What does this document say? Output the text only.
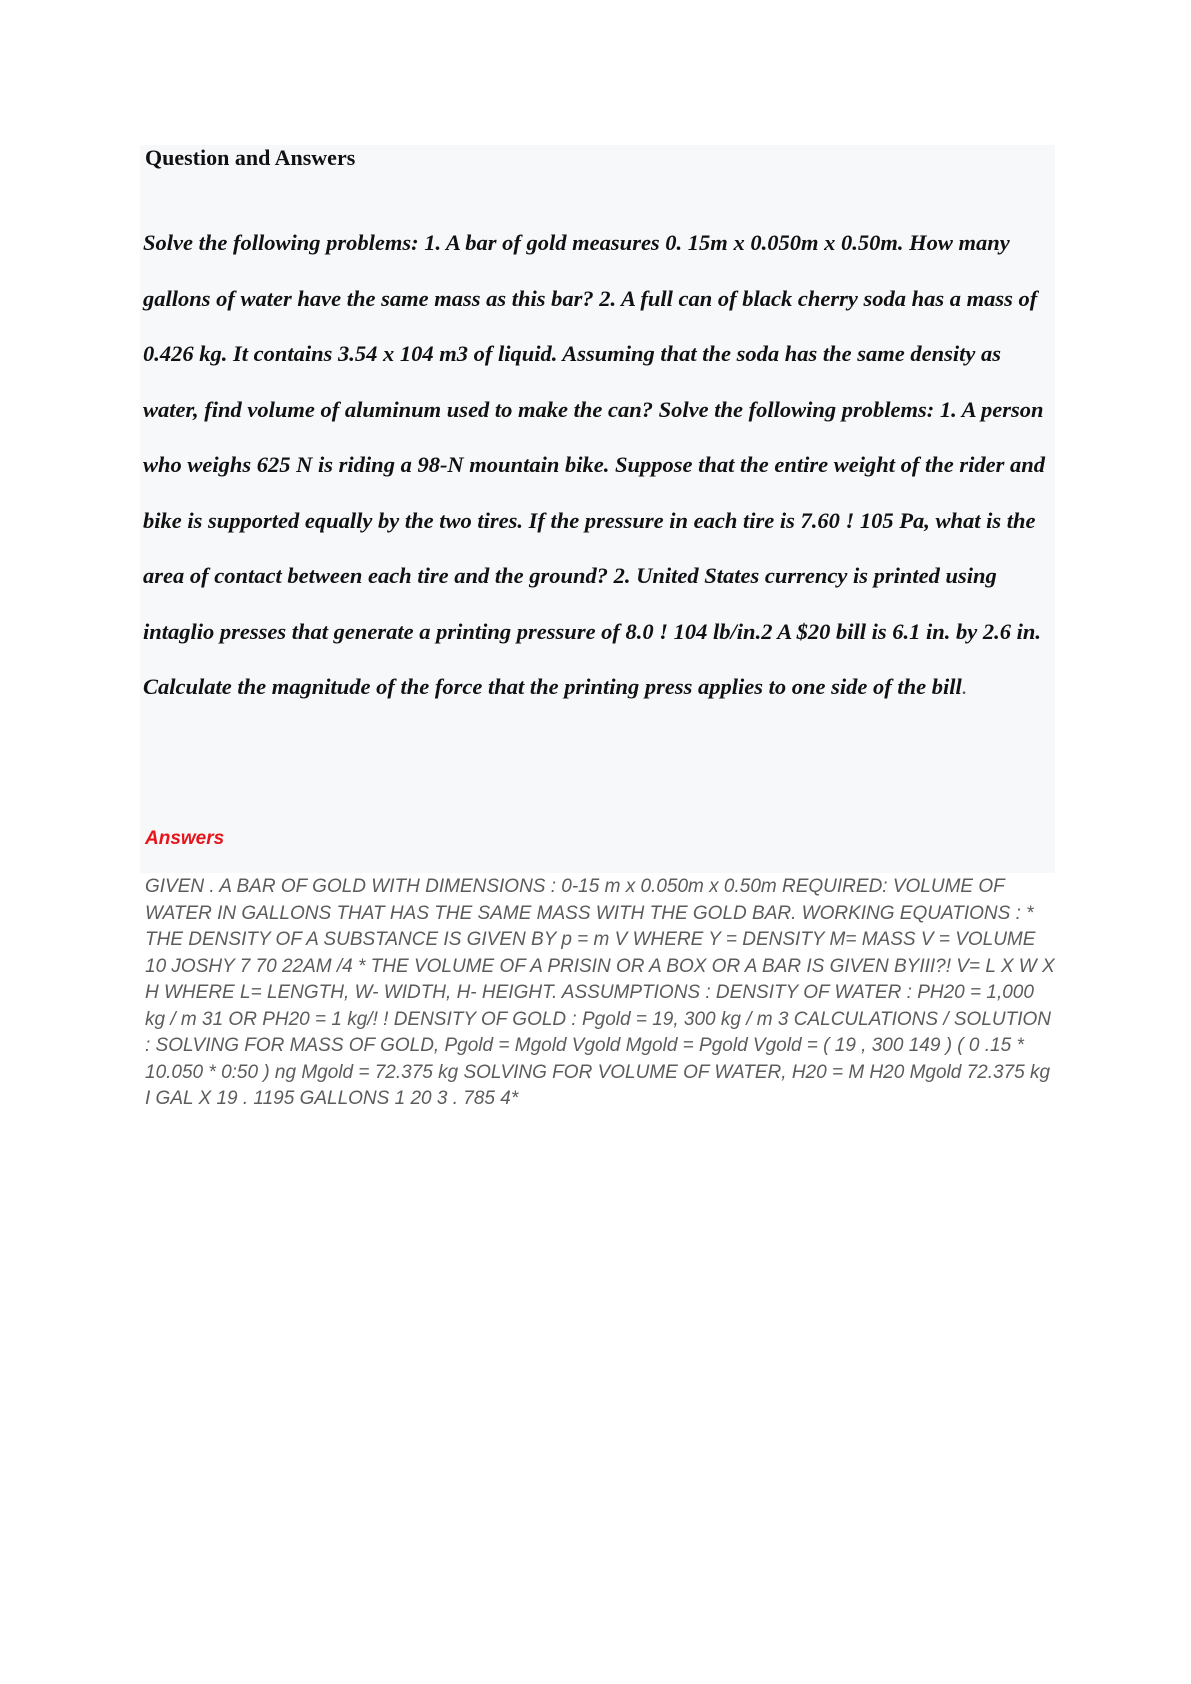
Question and Answers

Solve the following problems: 1. A bar of gold measures 0. 15m x 0.050m x 0.50m. How many gallons of water have the same mass as this bar? 2. A full can of black cherry soda has a mass of 0.426 kg. It contains 3.54 x 104 m3 of liquid. Assuming that the soda has the same density as water, find volume of aluminum used to make the can? Solve the following problems: 1. A person who weighs 625 N is riding a 98-N mountain bike. Suppose that the entire weight of the rider and bike is supported equally by the two tires. If the pressure in each tire is 7.60 ! 105 Pa, what is the area of contact between each tire and the ground? 2. United States currency is printed using intaglio presses that generate a printing pressure of 8.0 ! 104 lb/in.2 A $20 bill is 6.1 in. by 2.6 in. Calculate the magnitude of the force that the printing press applies to one side of the bill.

Answers

GIVEN . A BAR OF GOLD WITH DIMENSIONS : 0-15 m x 0.050m x 0.50m REQUIRED: VOLUME OF WATER IN GALLONS THAT HAS THE SAME MASS WITH THE GOLD BAR. WORKING EQUATIONS : * THE DENSITY OF A SUBSTANCE IS GIVEN BY p = m V WHERE Y = DENSITY M= MASS V = VOLUME 10 JOSHY 7 70 22AM /4 * THE VOLUME OF A PRISIN OR A BOX OR A BAR IS GIVEN BYIII?! V= L X W X H WHERE L= LENGTH, W- WIDTH, H- HEIGHT. ASSUMPTIONS : DENSITY OF WATER : PH20 = 1,000 kg / m 31 OR PH20 = 1 kg/! ! DENSITY OF GOLD : Pgold = 19, 300 kg / m 3 CALCULATIONS / SOLUTION : SOLVING FOR MASS OF GOLD, Pgold = Mgold Vgold Mgold = Pgold Vgold = ( 19 , 300 149 ) ( 0 .15 * 10.050 * 0:50 ) ng Mgold = 72.375 kg SOLVING FOR VOLUME OF WATER, H20 = M H20 Mgold 72.375 kg I GAL X 19 . 1195 GALLONS 1 20 3 . 785 4*
